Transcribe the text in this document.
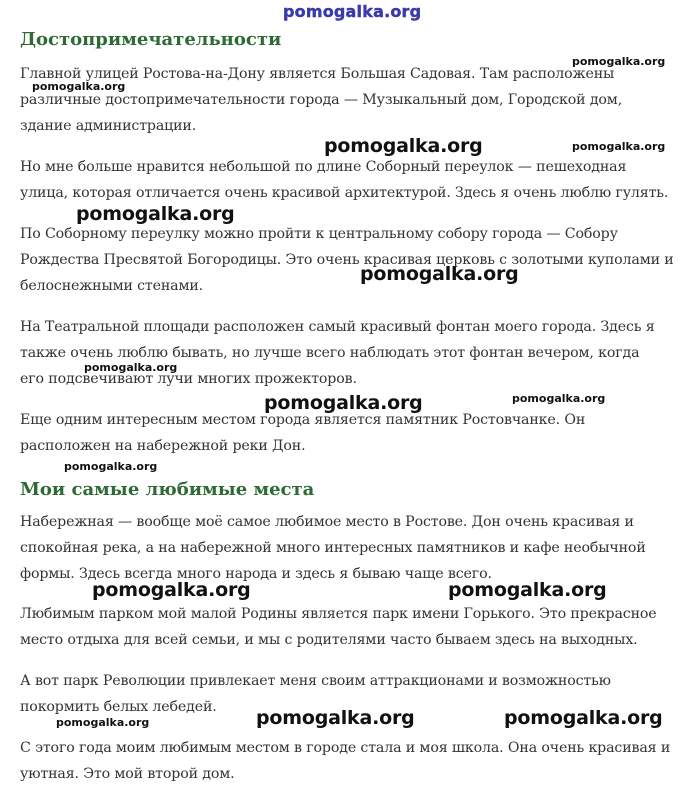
Достопримечательности

Главной улицей Ростова-на-Дону является Большая Садовая. Там расположены различные достопримечательности города — Музыкальный дом, Городской дом, здание администрации.

Но мне больше нравится небольшой по длине Соборный переулок — пешеходная улица, которая отличается очень красивой архитектурой. Здесь я очень люблю гулять.

По Соборному переулку можно пройти к центральному собору города — Собору Рождества Пресвятой Богородицы. Это очень красивая церковь с золотыми куполами и белоснежными стенами.

На Театральной площади расположен самый красивый фонтан моего города. Здесь я также очень люблю бывать, но лучше всего наблюдать этот фонтан вечером, когда его подсвечивают лучи многих прожекторов.

Еще одним интересным местом города является памятник Ростовчанке. Он расположен на набережной реки Дон.

Мои самые любимые места

Набережная — вообще моё самое любимое место в Ростове. Дон очень красивая и спокойная река, а на набережной много интересных памятников и кафе необычной формы. Здесь всегда много народа и здесь я бываю чаще всего.

Любимым парком мой малой Родины является парк имени Горького. Это прекрасное место отдыха для всей семьи, и мы с родителями часто бываем здесь на выходных.

А вот парк Революции привлекает меня своим аттракционами и возможностью покормить белых лебедей.

С этого года моим любимым местом в городе стала и моя школа. Она очень красивая и уютная. Это мой второй дом.

pomogalka.org
pomogalka.org
pomogalka.org
pomogalka.org	pomogalka.org
pomogalka.org
pomogalka.org
pomogalka.org
pomogalka.org	pomogalka.org
pomogalka.org
pomogalka.org	pomogalka.org
pomogalka.org	pomogalka.org	pomogalka.org
